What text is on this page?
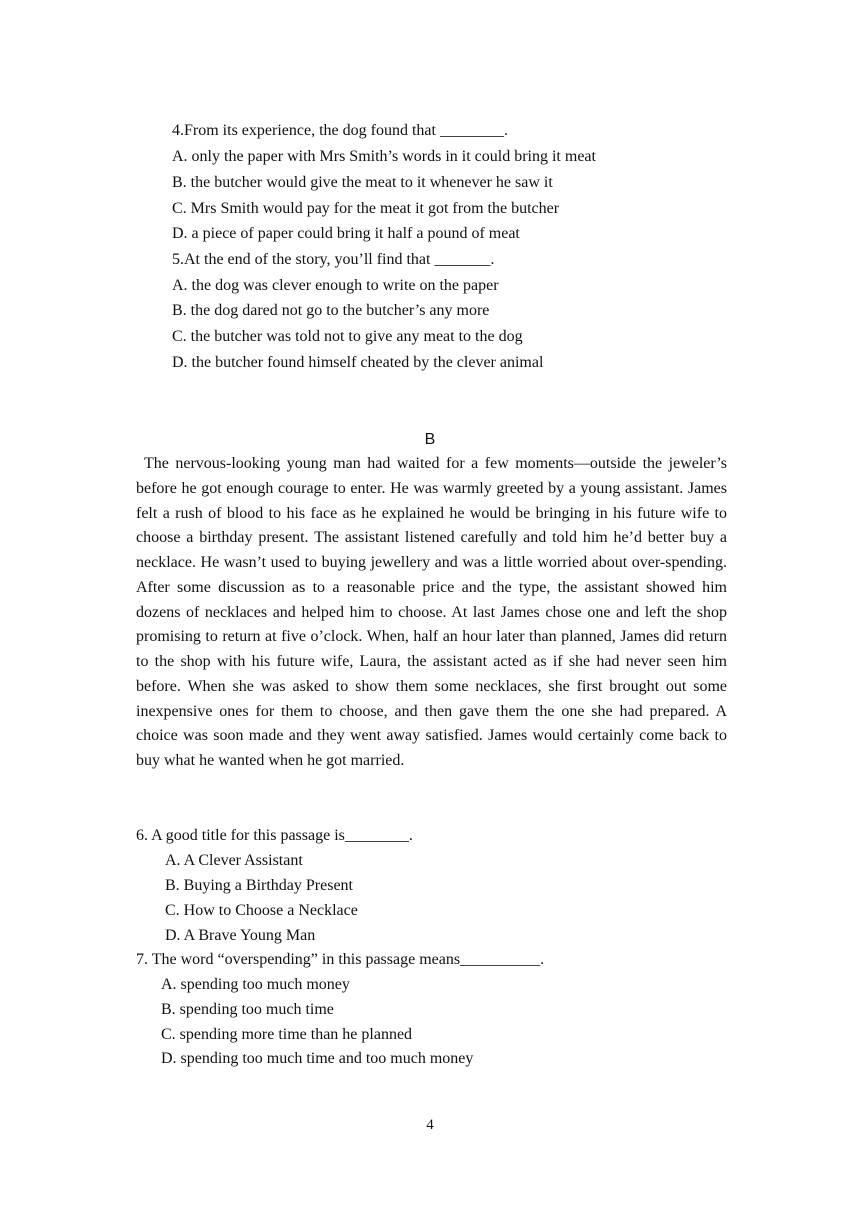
4.From its experience, the dog found that ________.
A. only the paper with Mrs Smith’s words in it could bring it meat
B. the butcher would give the meat to it whenever he saw it
C. Mrs Smith would pay for the meat it got from the butcher
D. a piece of paper could bring it half a pound of meat
5.At the end of the story, you’ll find that _______.
A. the dog was clever enough to write on the paper
B. the dog dared not go to the butcher’s any more
C. the butcher was told not to give any meat to the dog
D. the butcher found himself cheated by the clever animal
B

The nervous-looking young man had waited for a few moments—outside the jeweler’s before he got enough courage to enter. He was warmly greeted by a young assistant. James felt a rush of blood to his face as he explained he would be bringing in his future wife to choose a birthday present. The assistant listened carefully and told him he’d better buy a necklace. He wasn’t used to buying jewellery and was a little worried about over-spending. After some discussion as to a reasonable price and the type, the assistant showed him dozens of necklaces and helped him to choose. At last James chose one and left the shop promising to return at five o’clock. When, half an hour later than planned, James did return to the shop with his future wife, Laura, the assistant acted as if she had never seen him before. When she was asked to show them some necklaces, she first brought out some inexpensive ones for them to choose, and then gave them the one she had prepared. A choice was soon made and they went away satisfied. James would certainly come back to buy what he wanted when he got married.

6. A good title for this passage is________.
A. A Clever Assistant
B. Buying a Birthday Present
C. How to Choose a Necklace
D. A Brave Young Man
7. The word “overspending” in this passage means__________.
A. spending too much money
B. spending too much time
C. spending more time than he planned
D. spending too much time and too much money
4
